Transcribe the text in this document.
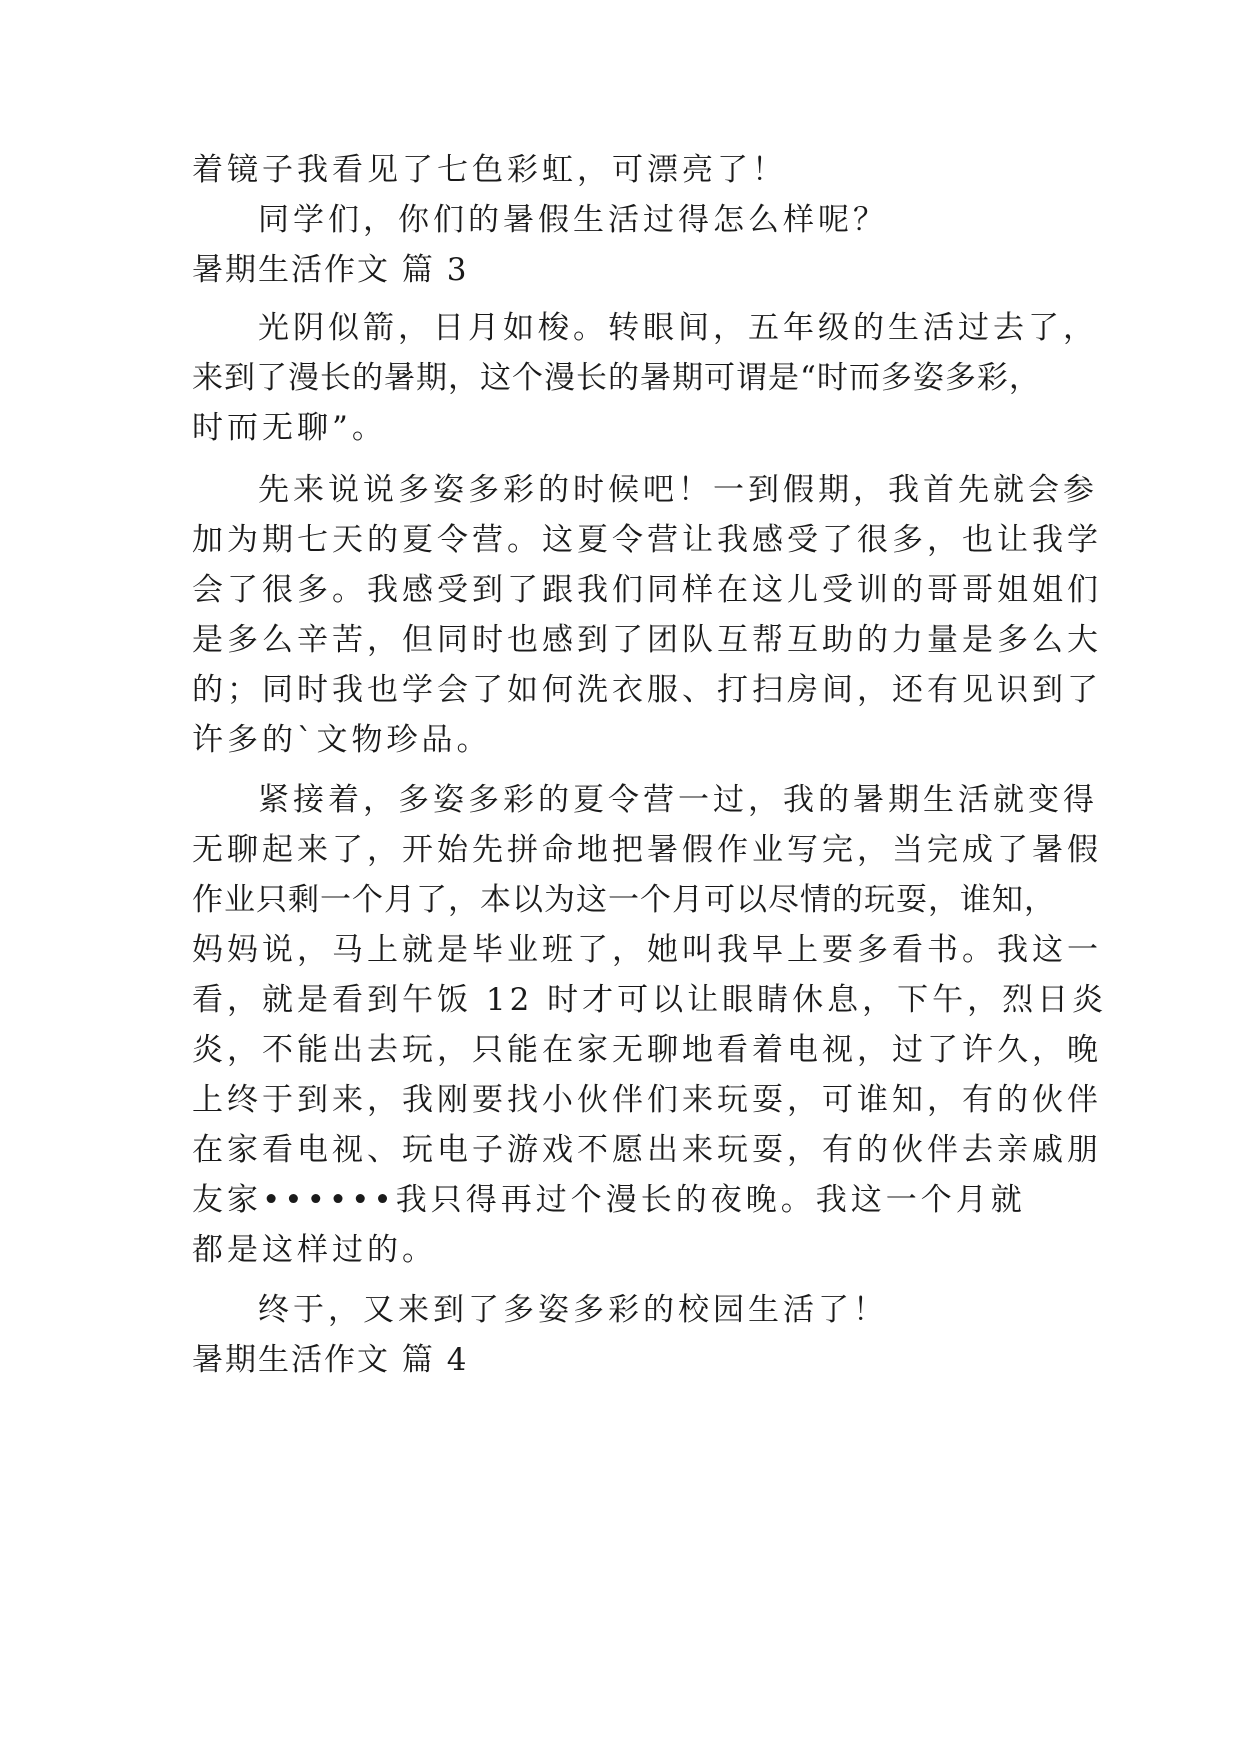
着镜子我看见了七色彩虹，可漂亮了！
同学们，你们的暑假生活过得怎么样呢？
暑期生活作文 篇 3
光阴似箭，日月如梭。转眼间，五年级的生活过去了，
来到了漫长的暑期，这个漫长的暑期可谓是“时而多姿多彩，
时而无聊”。
先来说说多姿多彩的时候吧！一到假期，我首先就会参
加为期七天的夏令营。这夏令营让我感受了很多，也让我学
会了很多。我感受到了跟我们同样在这儿受训的哥哥姐姐们
是多么辛苦，但同时也感到了团队互帮互助的力量是多么大
的；同时我也学会了如何洗衣服、打扫房间，还有见识到了
许多的`文物珍品。
紧接着，多姿多彩的夏令营一过，我的暑期生活就变得
无聊起来了，开始先拼命地把暑假作业写完，当完成了暑假
作业只剩一个月了，本以为这一个月可以尽情的玩耍，谁知，
妈妈说，马上就是毕业班了，她叫我早上要多看书。我这一
看，就是看到午饭 12 时才可以让眼睛休息，下午，烈日炎
炎，不能出去玩，只能在家无聊地看着电视，过了许久，晚
上终于到来，我刚要找小伙伴们来玩耍，可谁知，有的伙伴
在家看电视、玩电子游戏不愿出来玩耍，有的伙伴去亲戚朋
友家••••••我只得再过个漫长的夜晚。我这一个月就
都是这样过的。
终于，又来到了多姿多彩的校园生活了！
暑期生活作文 篇 4
